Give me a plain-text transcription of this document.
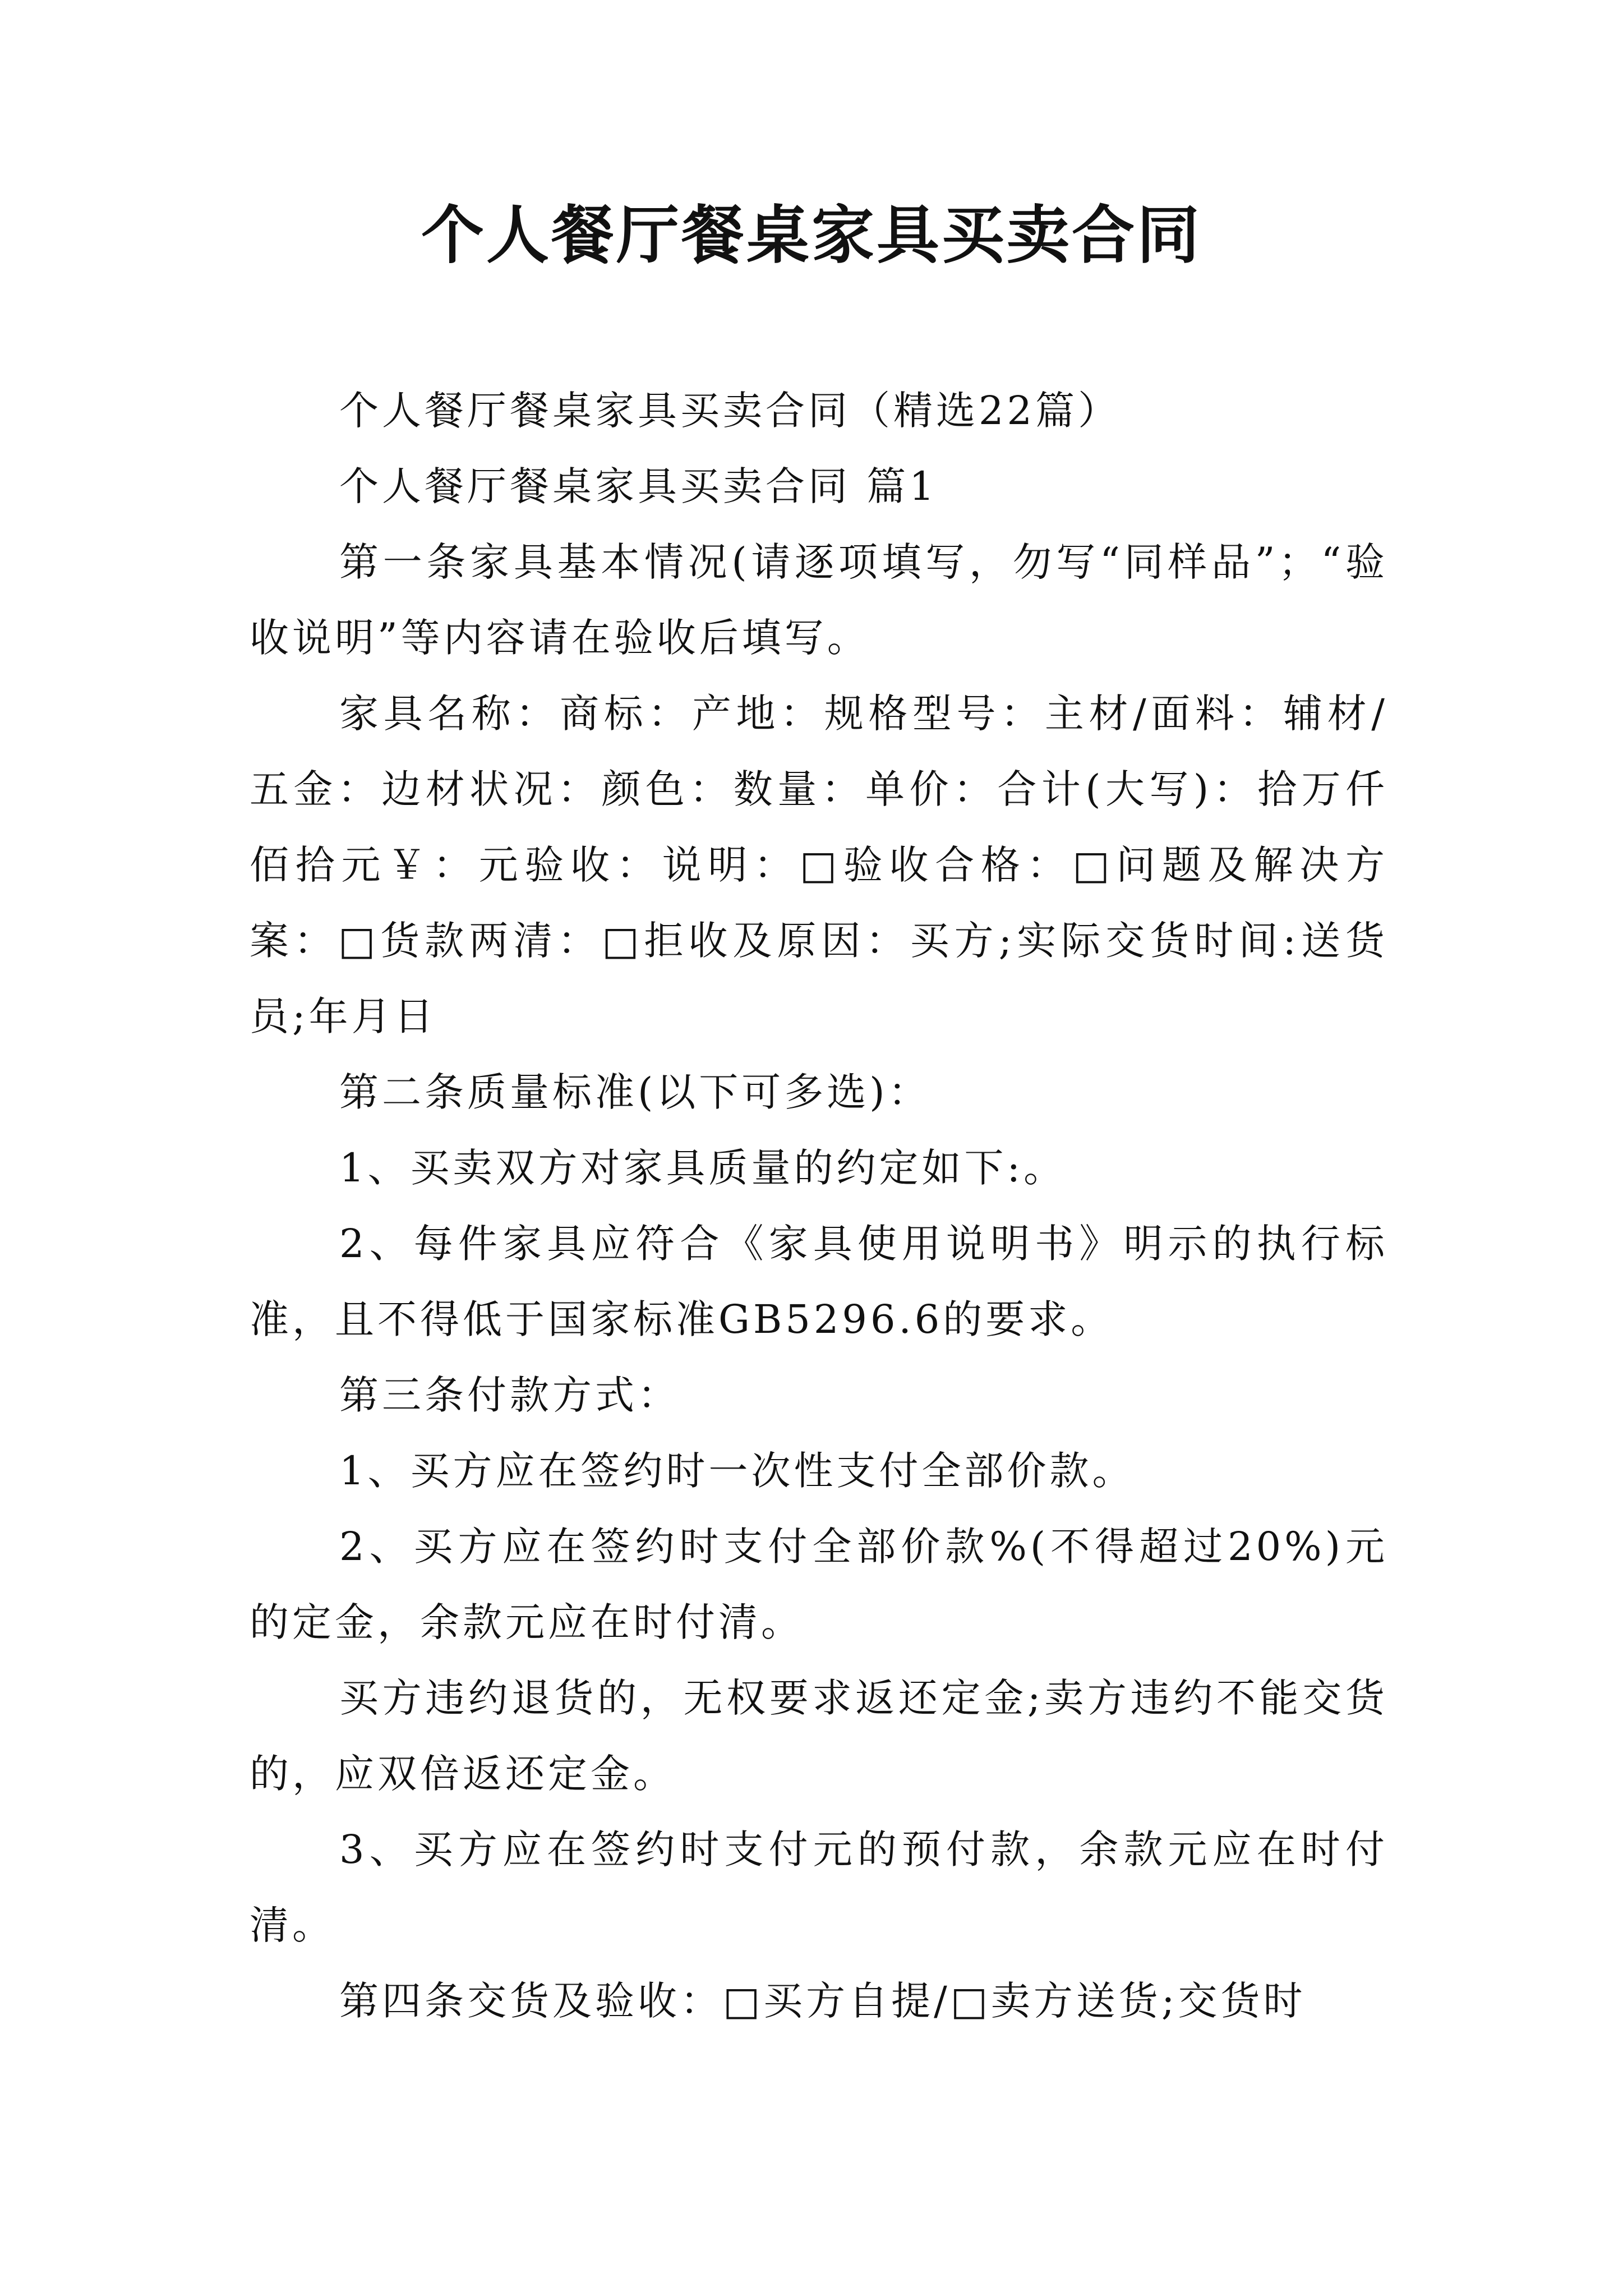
个人餐厅餐桌家具买卖合同

个人餐厅餐桌家具买卖合同（精选22篇）

个人餐厅餐桌家具买卖合同 篇1

第一条家具基本情况(请逐项填写，勿写“同样品”；“验收说明”等内容请在验收后填写。

家具名称：商标：产地：规格型号：主材/面料：辅材/五金：边材状况：颜色：数量：单价：合计(大写)：拾万仟佰拾元￥：元验收：说明：□验收合格：□问题及解决方案：□货款两清：□拒收及原因：买方;实际交货时间:送货员;年月日

第二条质量标准(以下可多选)：

1、买卖双方对家具质量的约定如下:。

2、每件家具应符合《家具使用说明书》明示的执行标准，且不得低于国家标准GB5296.6的要求。

第三条付款方式：

1、买方应在签约时一次性支付全部价款。

2、买方应在签约时支付全部价款%(不得超过20%)元的定金，余款元应在时付清。

买方违约退货的，无权要求返还定金;卖方违约不能交货的，应双倍返还定金。

3、买方应在签约时支付元的预付款，余款元应在时付清。

第四条交货及验收：□买方自提/□卖方送货;交货时
